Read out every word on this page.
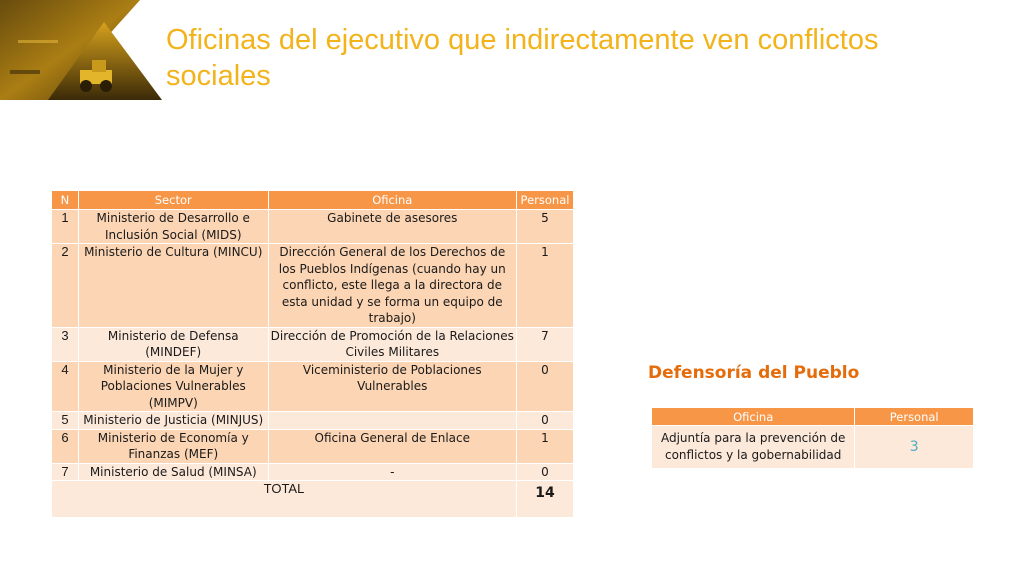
Oficinas del ejecutivo que indirectamente ven conflictos sociales
N	Sector	Oficina	Personal
1	Ministerio de Desarrollo e Inclusión Social (MIDS)	Gabinete de asesores	5
2	Ministerio de Cultura (MINCU)	Dirección General de los Derechos de los Pueblos Indígenas (cuando hay un conflicto, este llega a la directora de esta unidad y se forma un equipo de trabajo)	1
3	Ministerio de Defensa (MINDEF)	Dirección de Promoción de la Relaciones Civiles Militares	7
4	Ministerio de la Mujer y Poblaciones Vulnerables (MIMPV)	Viceministerio de Poblaciones Vulnerables	0
5	Ministerio de Justicia (MINJUS)		0
6	Ministerio de Economía y Finanzas (MEF)	Oficina General de Enlace	1
7	Ministerio de Salud (MINSA)	-	0
TOTAL			14
Defensoría del Pueblo
Oficina	Personal
Adjuntía para la prevención de conflictos y la gobernabilidad	3
